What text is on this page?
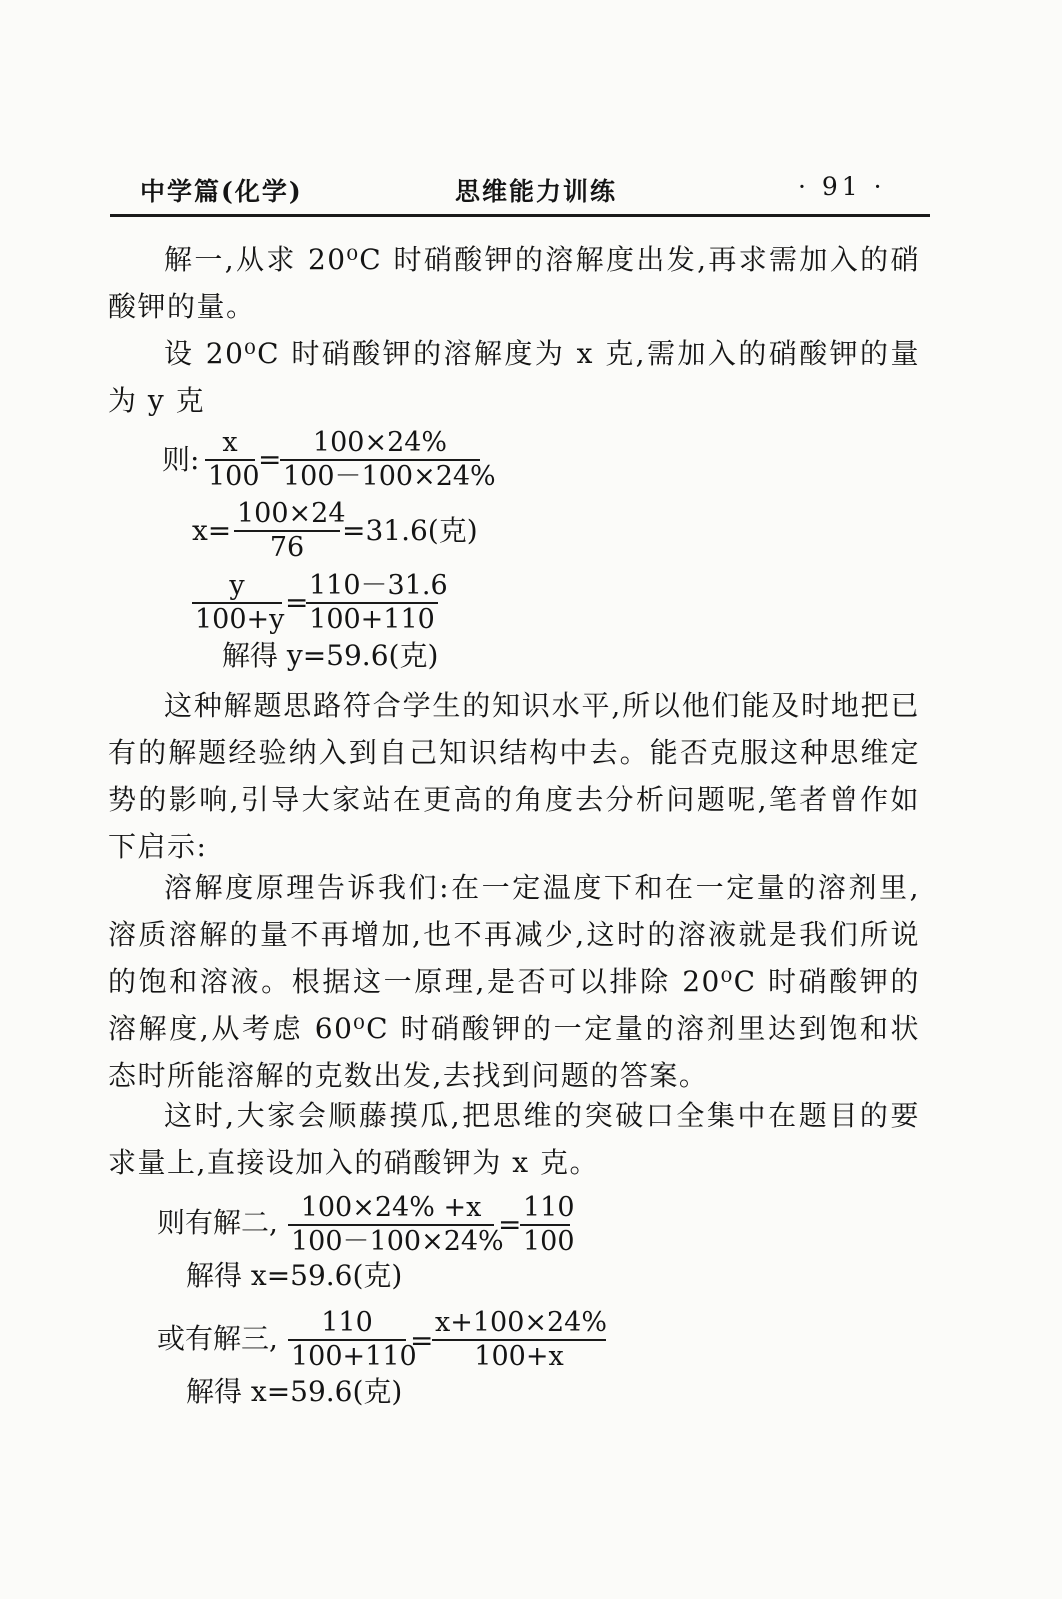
中学篇(化学)	思维能力训练	· 91 ·

解一,从求 20⁰C 时硝酸钾的溶解度出发,再求需加入的硝酸钾的量。

设 20⁰C 时硝酸钾的溶解度为 x 克,需加入的硝酸钾的量为 y 克

则: $\frac{x}{100}$ =
$\frac{100\times 24\%}{100-100\times 24\%}$
$x= \frac{100\times 24}{76} =31.6$(克)
$\frac{y}{100+y}$ =
$\frac{110-31.6}{100+110}$
解得 y=59.6(克)

这种解题思路符合学生的知识水平,所以他们能及时地把已有的解题经验纳入到自己知识结构中去。能否克服这种思维定势的影响,引导大家站在更高的角度去分析问题呢,笔者曾作如下启示:

溶解度原理告诉我们:在一定温度下和在一定量的溶剂里,溶质溶解的量不再增加,也不再减少,这时的溶液就是我们所说的饱和溶液。根据这一原理,是否可以排除 20⁰C 时硝酸钾的溶解度,从考虑 60⁰C 时硝酸钾的一定量的溶剂里达到饱和状态时所能溶解的克数出发,去找到问题的答案。

这时,大家会顺藤摸瓜,把思维的突破口全集中在题目的要求量上,直接设加入的硝酸钾为 x 克。

则有解二, $\frac{100\times 24\% +x}{100-100\times 24\%}$ =
$\frac{110}{100}$
解得 x=59.6(克)
或有解三, $\frac{110}{100+110}$ =
$\frac{x+100\times 24\%}{100+x}$
解得 x=59.6(克)
